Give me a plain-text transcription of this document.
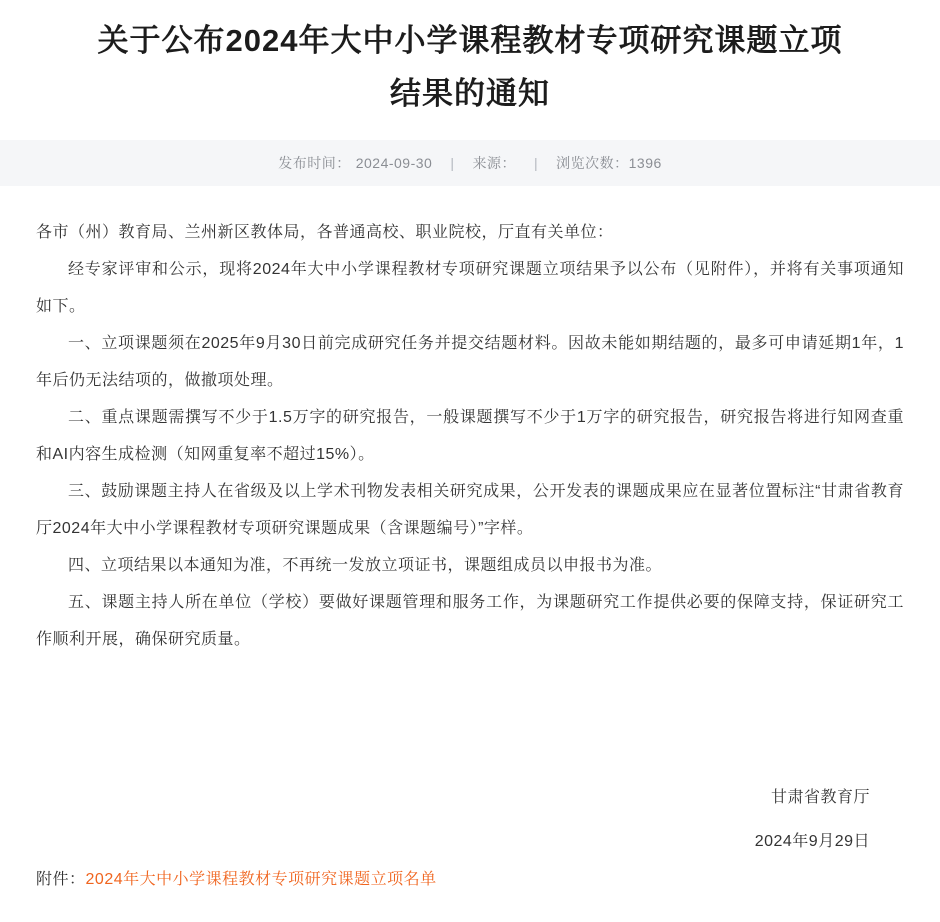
关于公布2024年大中小学课程教材专项研究课题立项
结果的通知
发布时间： 2024-09-30 | 来源： | 浏览次数： 1396

各市（州）教育局、兰州新区教体局，各普通高校、职业院校，厅直有关单位：

经专家评审和公示，现将2024年大中小学课程教材专项研究课题立项结果予以公布（见附件），并将有关事项通知如下。

一、立项课题须在2025年9月30日前完成研究任务并提交结题材料。因故未能如期结题的，最多可申请延期1年，1年后仍无法结项的，做撤项处理。

二、重点课题需撰写不少于1.5万字的研究报告，一般课题撰写不少于1万字的研究报告，研究报告将进行知网查重和AI内容生成检测（知网重复率不超过15%）。

三、鼓励课题主持人在省级及以上学术刊物发表相关研究成果，公开发表的课题成果应在显著位置标注“甘肃省教育厅2024年大中小学课程教材专项研究课题成果（含课题编号）”字样。

四、立项结果以本通知为准，不再统一发放立项证书，课题组成员以申报书为准。

五、课题主持人所在单位（学校）要做好课题管理和服务工作，为课题研究工作提供必要的保障支持，保证研究工作顺利开展，确保研究质量。

甘肃省教育厅

2024年9月29日

附件：2024年大中小学课程教材专项研究课题立项名单
